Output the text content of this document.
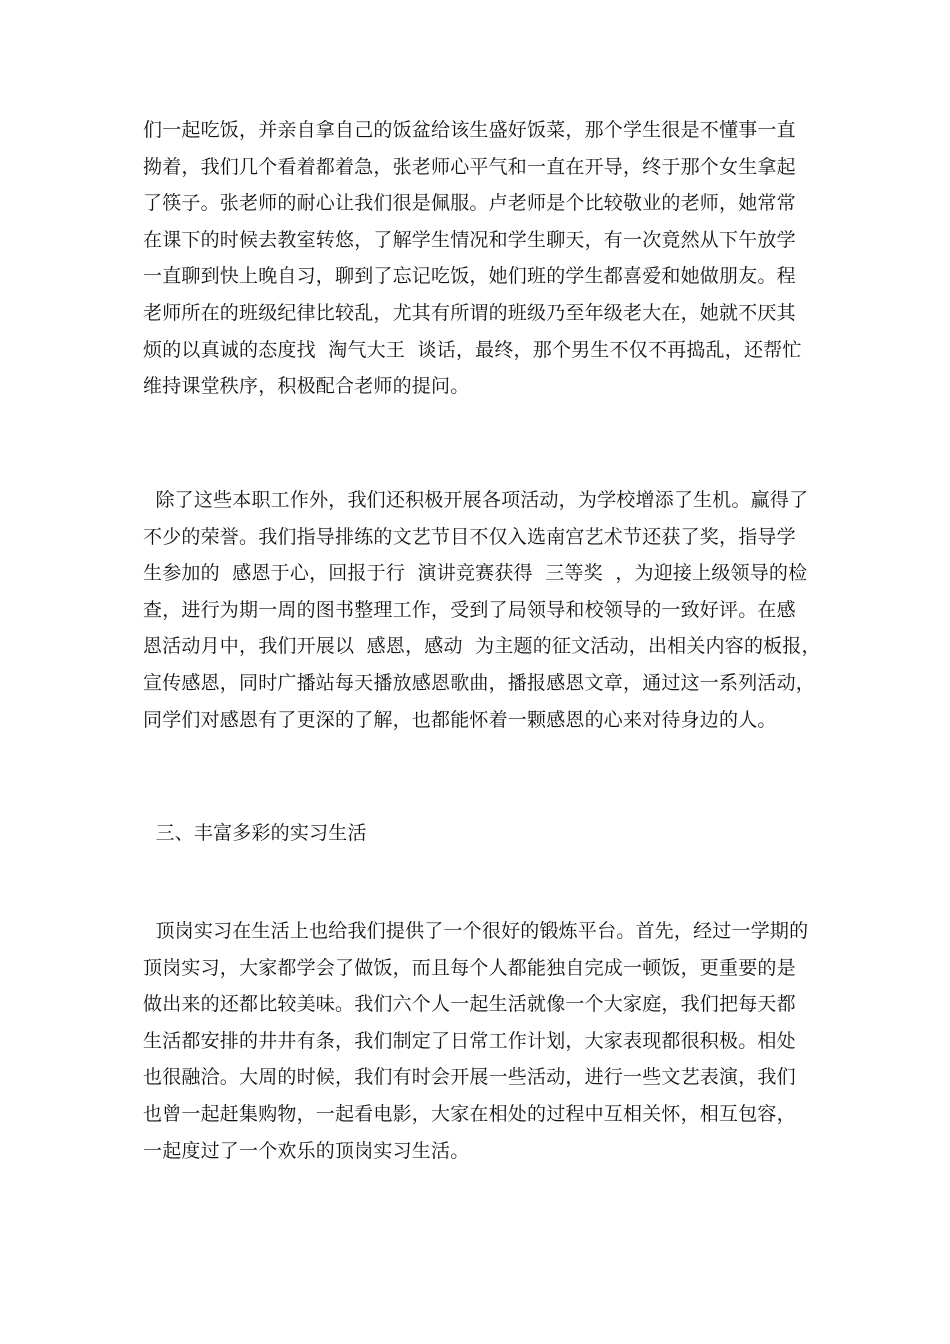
们一起吃饭，并亲自拿自己的饭盆给该生盛好饭菜，那个学生很是不懂事一直
拗着，我们几个看着都着急，张老师心平气和一直在开导，终于那个女生拿起
了筷子。张老师的耐心让我们很是佩服。卢老师是个比较敬业的老师，她常常
在课下的时候去教室转悠，了解学生情况和学生聊天，有一次竟然从下午放学
一直聊到快上晚自习，聊到了忘记吃饭，她们班的学生都喜爱和她做朋友。程
老师所在的班级纪律比较乱，尤其有所谓的班级乃至年级老大在，她就不厌其
烦的以真诚的态度找  淘气大王  谈话，最终，那个男生不仅不再捣乱，还帮忙
维持课堂秩序，积极配合老师的提问。
除了这些本职工作外，我们还积极开展各项活动，为学校增添了生机。赢得了
不少的荣誉。我们指导排练的文艺节目不仅入选南宫艺术节还获了奖，指导学
生参加的  感恩于心，回报于行  演讲竞赛获得  三等奖  ，为迎接上级领导的检
查，进行为期一周的图书整理工作，受到了局领导和校领导的一致好评。在感
恩活动月中，我们开展以  感恩，感动  为主题的征文活动，出相关内容的板报，
宣传感恩，同时广播站每天播放感恩歌曲，播报感恩文章，通过这一系列活动，
同学们对感恩有了更深的了解，也都能怀着一颗感恩的心来对待身边的人。
三、丰富多彩的实习生活
顶岗实习在生活上也给我们提供了一个很好的锻炼平台。首先，经过一学期的
顶岗实习，大家都学会了做饭，而且每个人都能独自完成一顿饭，更重要的是
做出来的还都比较美味。我们六个人一起生活就像一个大家庭，我们把每天都
生活都安排的井井有条，我们制定了日常工作计划，大家表现都很积极。相处
也很融洽。大周的时候，我们有时会开展一些活动，进行一些文艺表演，我们
也曾一起赶集购物，一起看电影，大家在相处的过程中互相关怀，相互包容，
一起度过了一个欢乐的顶岗实习生活。
